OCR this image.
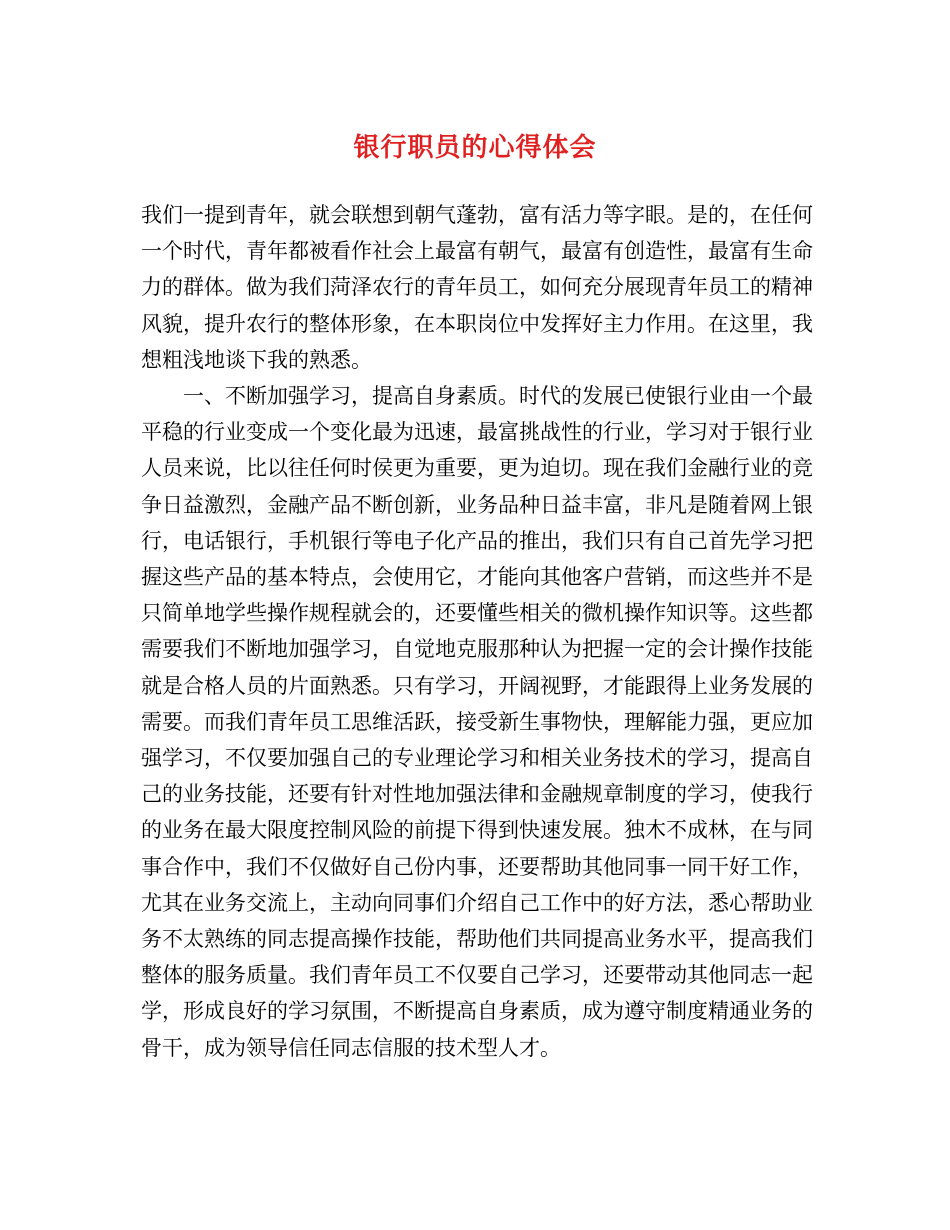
银行职员的心得体会

我们一提到青年，就会联想到朝气蓬勃，富有活力等字眼。是的，在任何一个时代，青年都被看作社会上最富有朝气，最富有创造性，最富有生命力的群体。做为我们菏泽农行的青年员工，如何充分展现青年员工的精神风貌，提升农行的整体形象，在本职岗位中发挥好主力作用。在这里，我想粗浅地谈下我的熟悉。

一、不断加强学习，提高自身素质。时代的发展已使银行业由一个最平稳的行业变成一个变化最为迅速，最富挑战性的行业，学习对于银行业人员来说，比以往任何时侯更为重要，更为迫切。现在我们金融行业的竞争日益激烈，金融产品不断创新，业务品种日益丰富，非凡是随着网上银行，电话银行，手机银行等电子化产品的推出，我们只有自己首先学习把握这些产品的基本特点，会使用它，才能向其他客户营销，而这些并不是只简单地学些操作规程就会的，还要懂些相关的微机操作知识等。这些都需要我们不断地加强学习，自觉地克服那种认为把握一定的会计操作技能就是合格人员的片面熟悉。只有学习，开阔视野，才能跟得上业务发展的需要。而我们青年员工思维活跃，接受新生事物快，理解能力强，更应加强学习，不仅要加强自己的专业理论学习和相关业务技术的学习，提高自己的业务技能，还要有针对性地加强法律和金融规章制度的学习，使我行的业务在最大限度控制风险的前提下得到快速发展。独木不成林，在与同事合作中，我们不仅做好自己份内事，还要帮助其他同事一同干好工作，尤其在业务交流上，主动向同事们介绍自己工作中的好方法，悉心帮助业务不太熟练的同志提高操作技能，帮助他们共同提高业务水平，提高我们整体的服务质量。我们青年员工不仅要自己学习，还要带动其他同志一起学，形成良好的学习氛围，不断提高自身素质，成为遵守制度精通业务的骨干，成为领导信任同志信服的技术型人才。
